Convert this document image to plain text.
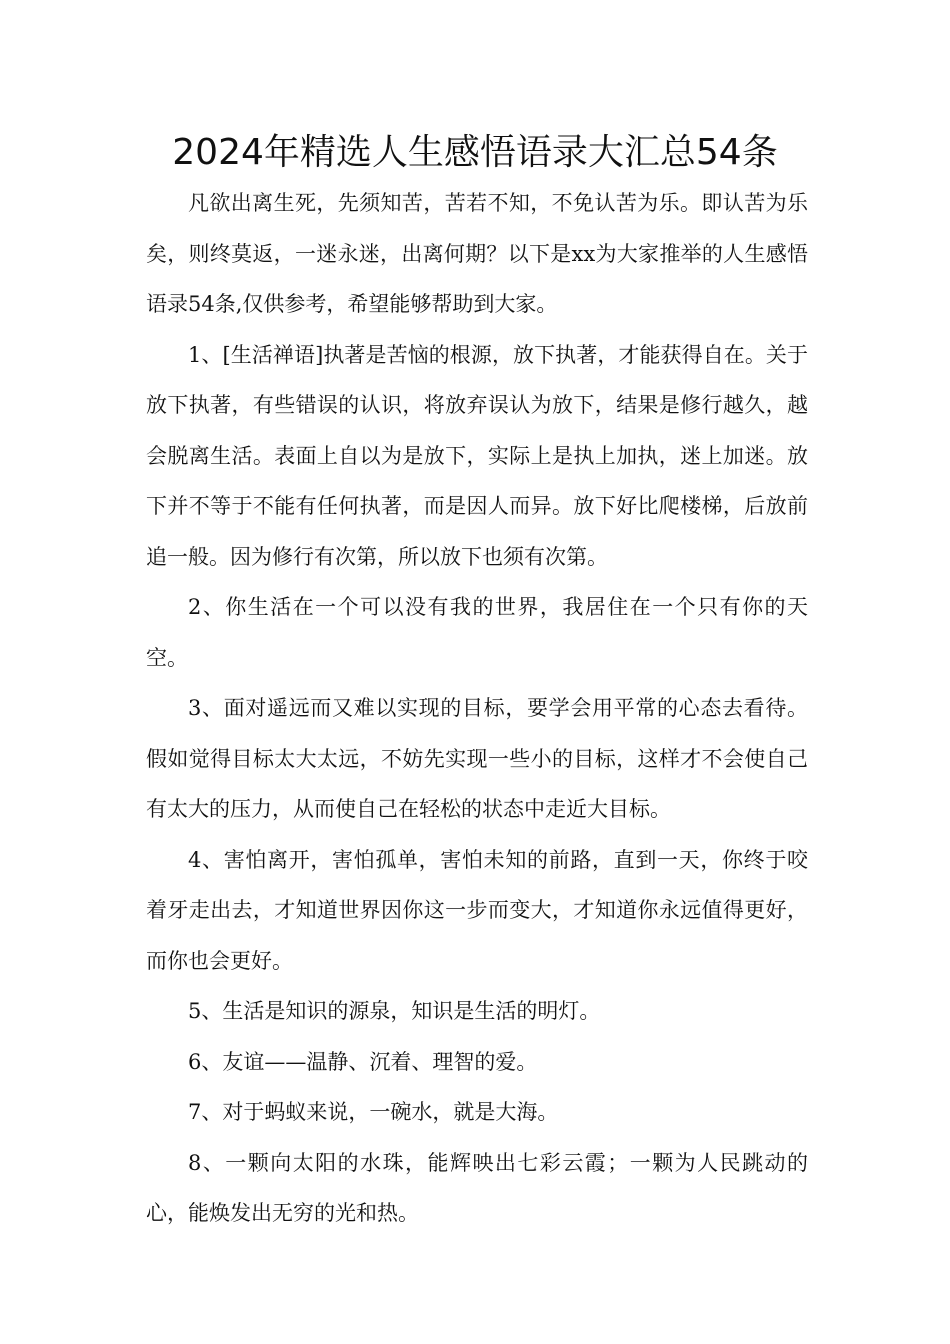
2024年精选人生感悟语录大汇总54条

凡欲出离生死，先须知苦，苦若不知，不免认苦为乐。即认苦为乐矣，则终莫返，一迷永迷，出离何期？以下是xx为大家推举的人生感悟语录54条,仅供参考，希望能够帮助到大家。

1、[生活禅语]执著是苦恼的根源，放下执著，才能获得自在。关于放下执著，有些错误的认识，将放弃误认为放下，结果是修行越久，越会脱离生活。表面上自以为是放下，实际上是执上加执，迷上加迷。放下并不等于不能有任何执著，而是因人而异。放下好比爬楼梯，后放前追一般。因为修行有次第，所以放下也须有次第。

2、你生活在一个可以没有我的世界，我居住在一个只有你的天空。

3、面对遥远而又难以实现的目标，要学会用平常的心态去看待。假如觉得目标太大太远，不妨先实现一些小的目标，这样才不会使自己有太大的压力，从而使自己在轻松的状态中走近大目标。

4、害怕离开，害怕孤单，害怕未知的前路，直到一天，你终于咬着牙走出去，才知道世界因你这一步而变大，才知道你永远值得更好，而你也会更好。

5、生活是知识的源泉，知识是生活的明灯。

6、友谊——温静、沉着、理智的爱。

7、对于蚂蚁来说，一碗水，就是大海。

8、一颗向太阳的水珠，能辉映出七彩云霞；一颗为人民跳动的心，能焕发出无穷的光和热。
